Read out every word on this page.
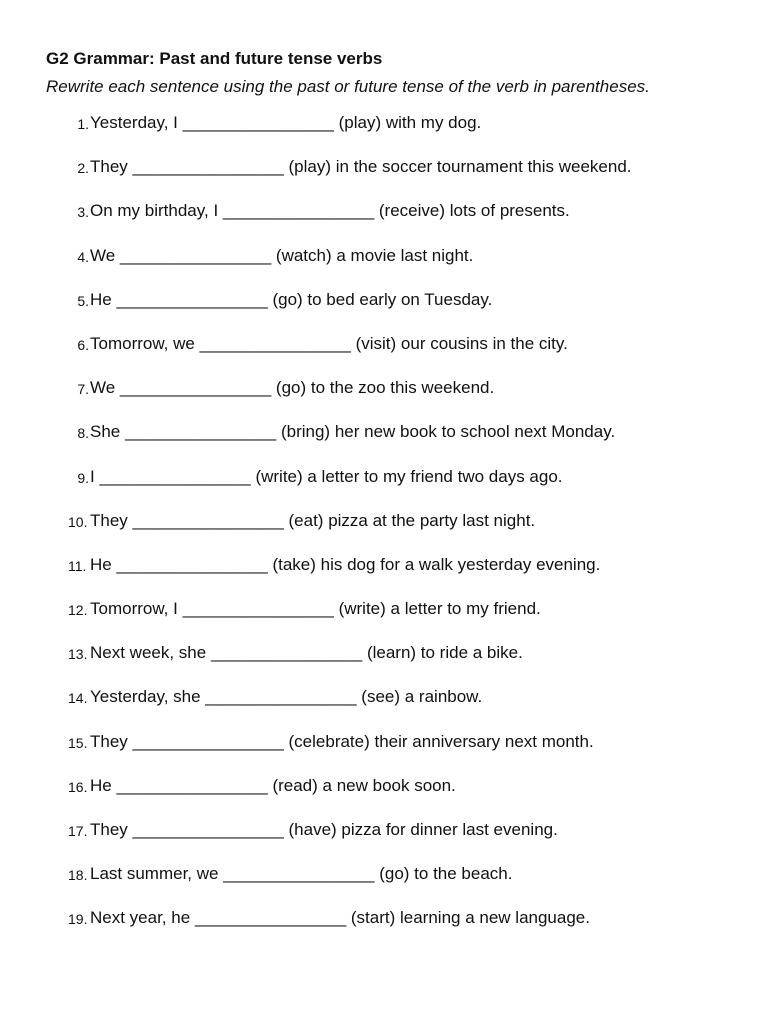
G2 Grammar: Past and future tense verbs
Rewrite each sentence using the past or future tense of the verb in parentheses.
1. Yesterday, I ________________ (play) with my dog.
2. They ________________ (play) in the soccer tournament this weekend.
3. On my birthday, I ________________ (receive) lots of presents.
4. We ________________ (watch) a movie last night.
5. He ________________ (go) to bed early on Tuesday.
6. Tomorrow, we ________________ (visit) our cousins in the city.
7. We ________________ (go) to the zoo this weekend.
8. She ________________ (bring) her new book to school next Monday.
9. I ________________ (write) a letter to my friend two days ago.
10. They ________________ (eat) pizza at the party last night.
11. He ________________ (take) his dog for a walk yesterday evening.
12. Tomorrow, I ________________ (write) a letter to my friend.
13. Next week, she ________________ (learn) to ride a bike.
14. Yesterday, she ________________ (see) a rainbow.
15. They ________________ (celebrate) their anniversary next month.
16. He ________________ (read) a new book soon.
17. They ________________ (have) pizza for dinner last evening.
18. Last summer, we ________________ (go) to the beach.
19. Next year, he ________________ (start) learning a new language.
